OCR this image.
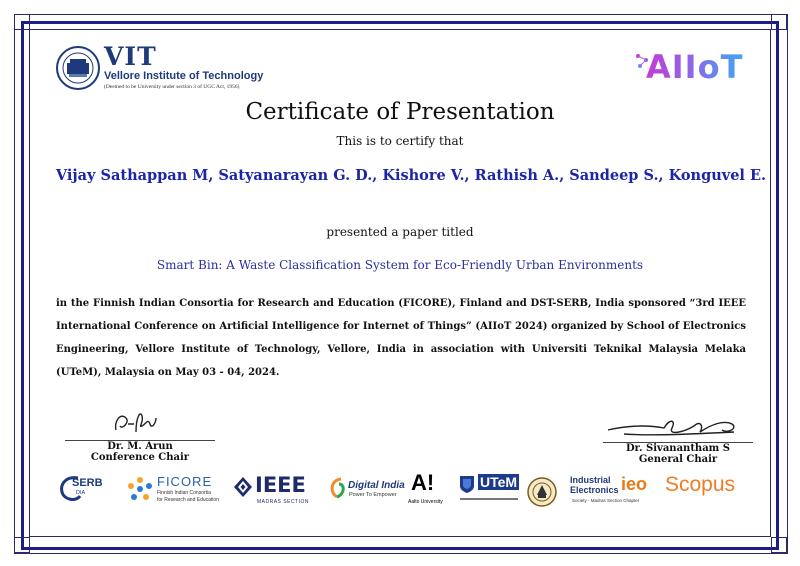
VIT
Vellore Institute of Technology
(Deemed to be University under section 3 of UGC Act, 1956)
AIIoT
Certificate of Presentation
This is to certify that
Vijay Sathappan M, Satyanarayan G. D., Kishore V., Rathish A., Sandeep S., Konguvel E.
presented a paper titled
Smart Bin: A Waste Classification System for Eco-Friendly Urban Environments
in the Finnish Indian Consortia for Research and Education (FICORE), Finland and DST-SERB, India sponsored “3rd IEEE International Conference on Artificial Intelligence for Internet of Things” (AIIoT 2024) organized by School of Electronics Engineering, Vellore Institute of Technology, Vellore, India in association with Universiti Teknikal Malaysia Melaka (UTeM), Malaysia on May 03 - 04, 2024.
Dr. M. Arun
Conference Chair
Dr. Sivanantham S
General Chair
SERB
DIA
FICORE
Finnish Indian Consortia
for Research and Education
IEEE
MADRAS SECTION
Digital India
Power To Empower A!
Aalto University
UTeM	Industrial
Electronics ieo
Society - Madras Section Chapter
Scopus
